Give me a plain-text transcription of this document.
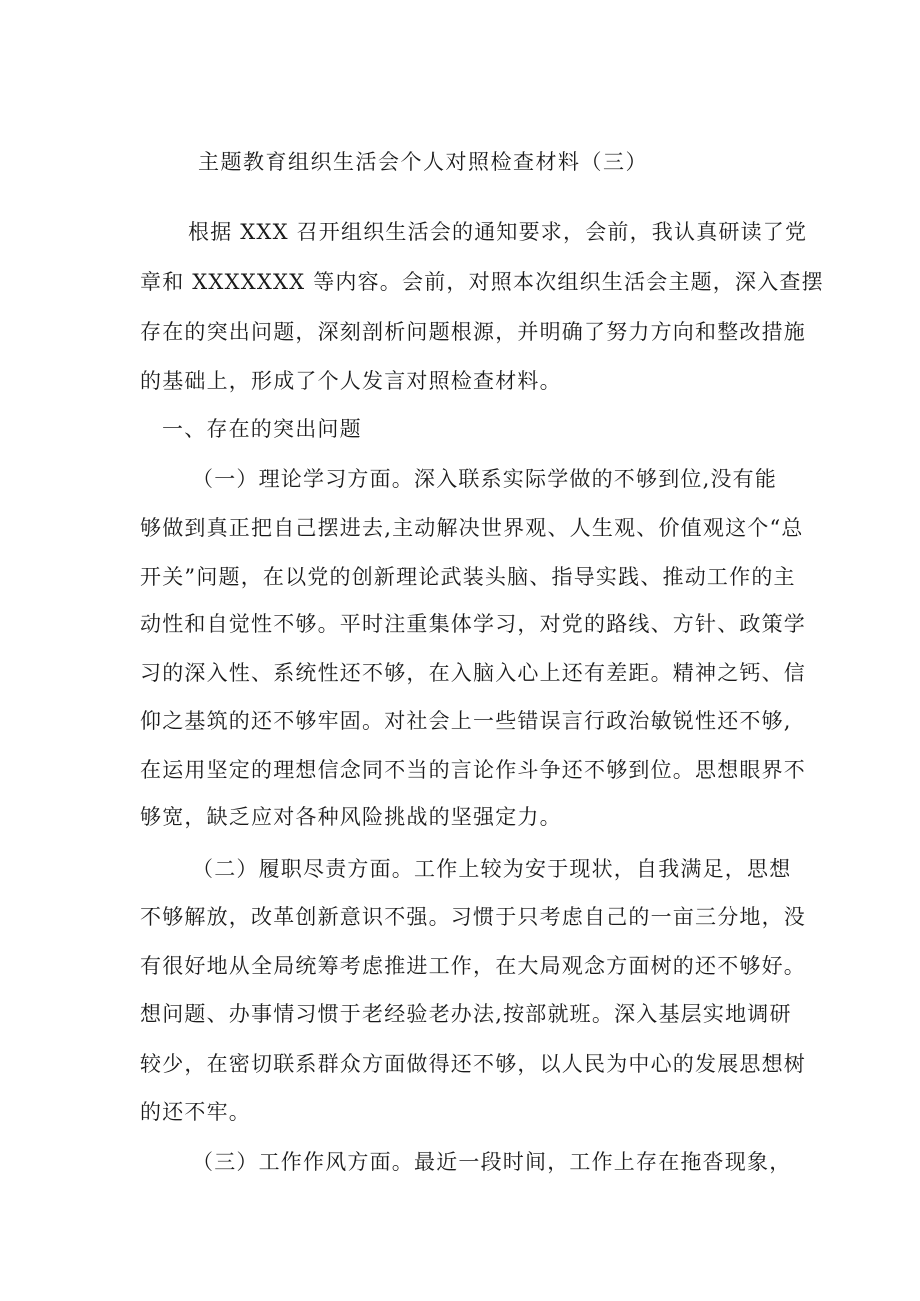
主题教育组织生活会个人对照检查材料（三）
根据 XXX 召开组织生活会的通知要求，会前，我认真研读了党
章和 XXXXXXX 等内容。会前，对照本次组织生活会主题，深入查摆
存在的突出问题，深刻剖析问题根源，并明确了努力方向和整改措施
的基础上，形成了个人发言对照检查材料。
一、存在的突出问题
（一）理论学习方面。深入联系实际学做的不够到位,没有能
够做到真正把自己摆进去,主动解决世界观、人生观、价值观这个“总
开关”问题，在以党的创新理论武装头脑、指导实践、推动工作的主
动性和自觉性不够。平时注重集体学习，对党的路线、方针、政策学
习的深入性、系统性还不够，在入脑入心上还有差距。精神之钙、信
仰之基筑的还不够牢固。对社会上一些错误言行政治敏锐性还不够,
在运用坚定的理想信念同不当的言论作斗争还不够到位。思想眼界不
够宽，缺乏应对各种风险挑战的坚强定力。
（二）履职尽责方面。工作上较为安于现状，自我满足，思想
不够解放，改革创新意识不强。习惯于只考虑自己的一亩三分地，没
有很好地从全局统筹考虑推进工作，在大局观念方面树的还不够好。
想问题、办事情习惯于老经验老办法,按部就班。深入基层实地调研
较少，在密切联系群众方面做得还不够，以人民为中心的发展思想树
的还不牢。
（三）工作作风方面。最近一段时间，工作上存在拖沓现象，
